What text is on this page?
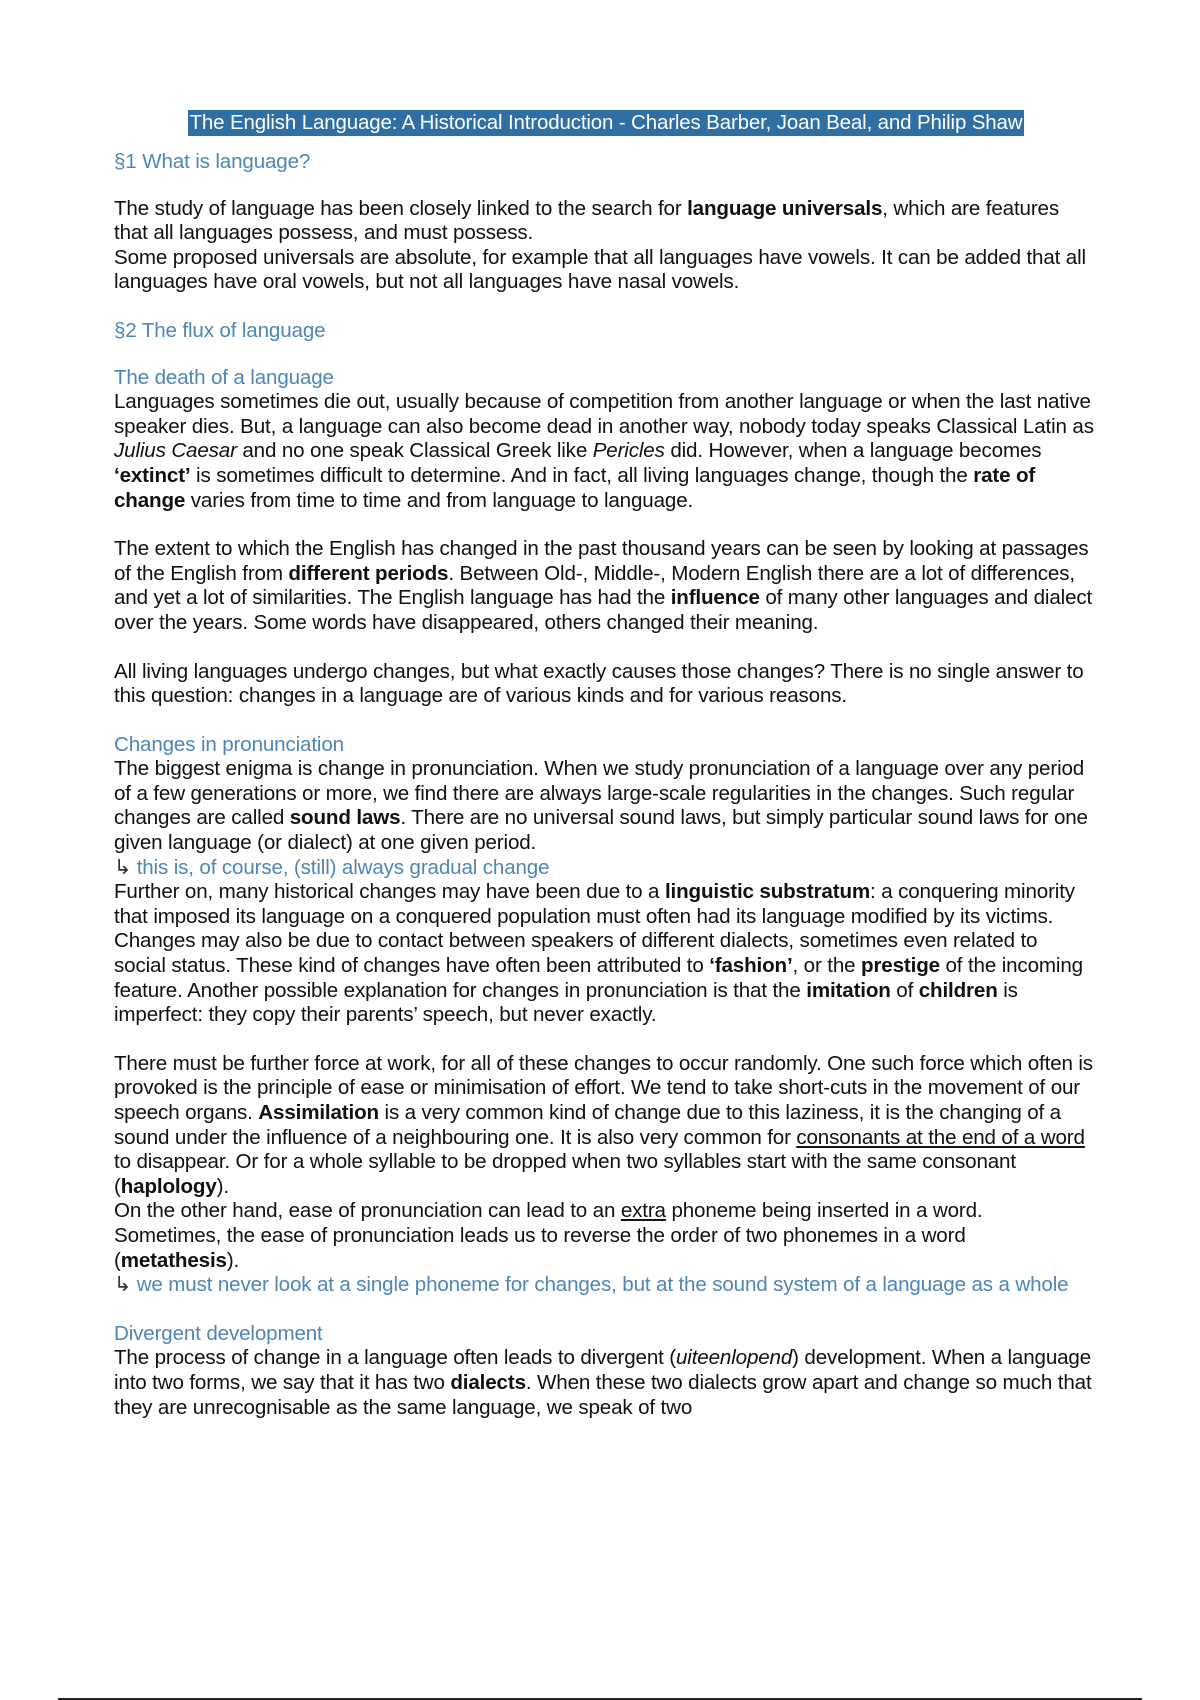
The English Language: A Historical Introduction - Charles Barber, Joan Beal, and Philip Shaw
§1 What is language?

The study of language has been closely linked to the search for language universals, which are features that all languages possess, and must possess.

Some proposed universals are absolute, for example that all languages have vowels. It can be added that all languages have oral vowels, but not all languages have nasal vowels.

§2 The flux of language
The death of a language

Languages sometimes die out, usually because of competition from another language or when the last native speaker dies. But, a language can also become dead in another way, nobody today speaks Classical Latin as Julius Caesar and no one speak Classical Greek like Pericles did. However, when a language becomes ‘extinct’ is sometimes difficult to determine. And in fact, all living languages change, though the rate of change varies from time to time and from language to language.

The extent to which the English has changed in the past thousand years can be seen by looking at passages of the English from different periods. Between Old-, Middle-, Modern English there are a lot of differences, and yet a lot of similarities. The English language has had the influence of many other languages and dialect over the years. Some words have disappeared, others changed their meaning.

All living languages undergo changes, but what exactly causes those changes? There is no single answer to this question: changes in a language are of various kinds and for various reasons.

Changes in pronunciation

The biggest enigma is change in pronunciation. When we study pronunciation of a language over any period of a few generations or more, we find there are always large-scale regularities in the changes. Such regular changes are called sound laws. There are no universal sound laws, but simply particular sound laws for one given language (or dialect) at one given period.

↳ this is, of course, (still) always gradual change

Further on, many historical changes may have been due to a linguistic substratum: a conquering minority that imposed its language on a conquered population must often had its language modified by its victims. Changes may also be due to contact between speakers of different dialects, sometimes even related to social status. These kind of changes have often been attributed to ‘fashion’, or the prestige of the incoming feature. Another possible explanation for changes in pronunciation is that the imitation of children is imperfect: they copy their parents’ speech, but never exactly.

There must be further force at work, for all of these changes to occur randomly. One such force which often is provoked is the principle of ease or minimisation of effort. We tend to take short-cuts in the movement of our speech organs. Assimilation is a very common kind of change due to this laziness, it is the changing of a sound under the influence of a neighbouring one. It is also very common for consonants at the end of a word to disappear. Or for a whole syllable to be dropped when two syllables start with the same consonant (haplology).

On the other hand, ease of pronunciation can lead to an extra phoneme being inserted in a word. Sometimes, the ease of pronunciation leads us to reverse the order of two phonemes in a word (metathesis).

↳ we must never look at a single phoneme for changes, but at the sound system of a language as a whole

Divergent development

The process of change in a language often leads to divergent (uiteenlopend) development. When a language into two forms, we say that it has two dialects. When these two dialects grow apart and change so much that they are unrecognisable as the same language, we speak of two
